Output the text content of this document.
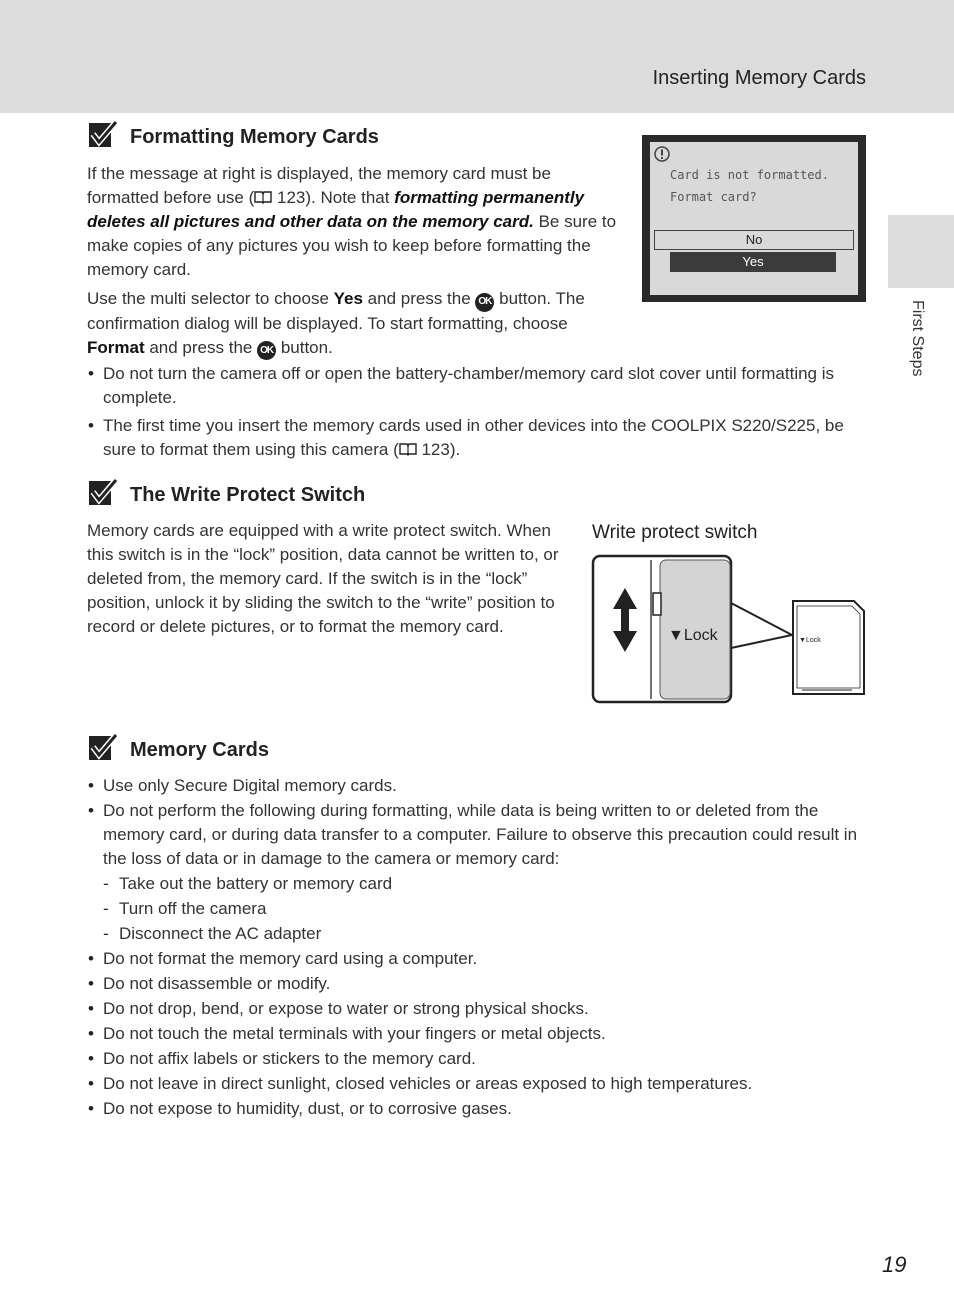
Inserting Memory Cards
First Steps
Formatting Memory Cards

If the message at right is displayed, the memory card must be formatted before use ( 123). Note that formatting permanently deletes all pictures and other data on the memory card. Be sure to make copies of any pictures you wish to keep before formatting the memory card.

Use the multi selector to choose Yes and press the OK button. The confirmation dialog will be displayed. To start formatting, choose Format and press the OK button.

• Do not turn the camera off or open the battery-chamber/memory card slot cover until formatting is complete.
• The first time you insert the memory cards used in other devices into the COOLPIX S220/S225, be sure to format them using this camera ( 123).
Card is not formatted.
Format card?
No
Yes
The Write Protect Switch

Memory cards are equipped with a write protect switch. When this switch is in the “lock” position, data cannot be written to, or deleted from, the memory card. If the switch is in the “lock” position, unlock it by sliding the switch to the “write” position to record or delete pictures, or to format the memory card.

Write protect switch
▼Lock	▼Lock
Memory Cards
• Use only Secure Digital memory cards.
• Do not perform the following during formatting, while data is being written to or deleted from the memory card, or during data transfer to a computer. Failure to observe this precaution could result in the loss of data or in damage to the camera or memory card:
- Take out the battery or memory card
- Turn off the camera
- Disconnect the AC adapter
• Do not format the memory card using a computer.
• Do not disassemble or modify.
• Do not drop, bend, or expose to water or strong physical shocks.
• Do not touch the metal terminals with your fingers or metal objects.
• Do not affix labels or stickers to the memory card.
• Do not leave in direct sunlight, closed vehicles or areas exposed to high temperatures.
• Do not expose to humidity, dust, or to corrosive gases.
19
